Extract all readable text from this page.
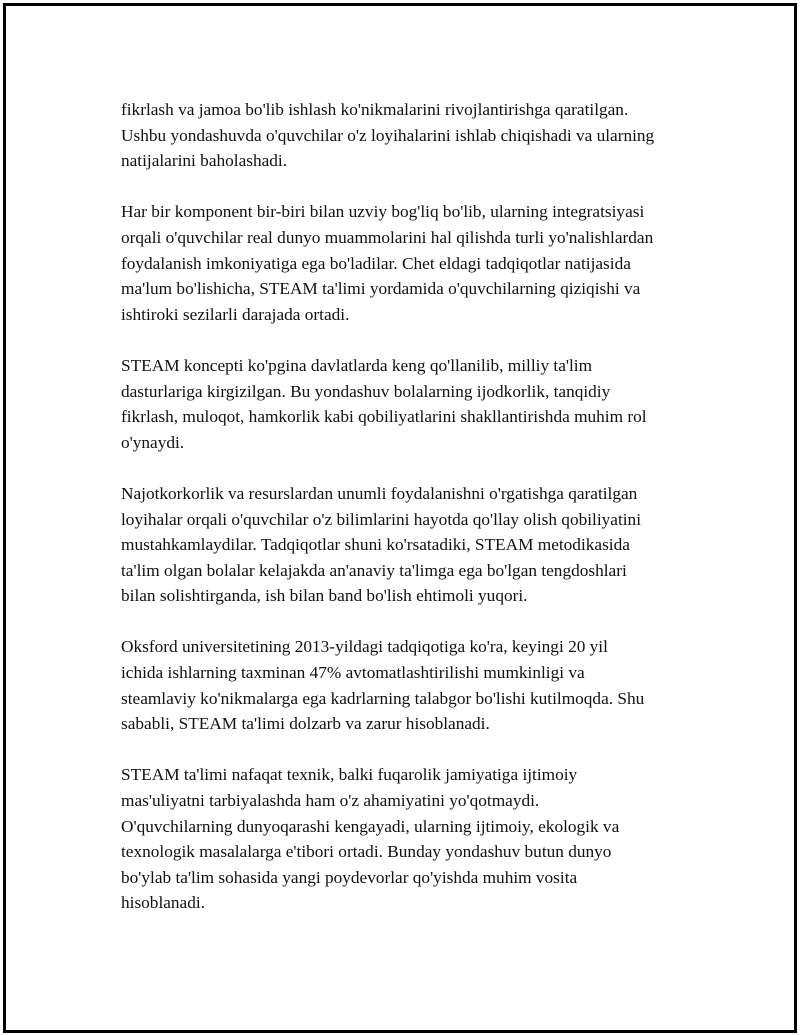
fikrlash va jamoa bo'lib ishlash ko'nikmalarini rivojlantirishga qaratilgan.
Ushbu yondashuvda o'quvchilar o'z loyihalarini ishlab chiqishadi va ularning
natijalarini baholashadi.

Har bir komponent bir-biri bilan uzviy bog'liq bo'lib, ularning integratsiyasi
orqali o'quvchilar real dunyo muammolarini hal qilishda turli yo'nalishlardan
foydalanish imkoniyatiga ega bo'ladilar. Chet eldagi tadqiqotlar natijasida
ma'lum bo'lishicha, STEAM ta'limi yordamida o'quvchilarning qiziqishi va
ishtiroki sezilarli darajada ortadi.

STEAM koncepti ko'pgina davlatlarda keng qo'llanilib, milliy ta'lim
dasturlariga kirgizilgan. Bu yondashuv bolalarning ijodkorlik, tanqidiy
fikrlash, muloqot, hamkorlik kabi qobiliyatlarini shakllantirishda muhim rol
o'ynaydi.

Najotkorkorlik va resurslardan unumli foydalanishni o'rgatishga qaratilgan
loyihalar orqali o'quvchilar o'z bilimlarini hayotda qo'llay olish qobiliyatini
mustahkamlaydilar. Tadqiqotlar shuni ko'rsatadiki, STEAM metodikasida
ta'lim olgan bolalar kelajakda an'anaviy ta'limga ega bo'lgan tengdoshlari
bilan solishtirganda, ish bilan band bo'lish ehtimoli yuqori.

Oksford universitetining 2013-yildagi tadqiqotiga ko'ra, keyingi 20 yil
ichida ishlarning taxminan 47% avtomatlashtirilishi mumkinligi va
steamlaviy ko'nikmalarga ega kadrlarning talabgor bo'lishi kutilmoqda. Shu
sababli, STEAM ta'limi dolzarb va zarur hisoblanadi.

STEAM ta'limi nafaqat texnik, balki fuqarolik jamiyatiga ijtimoiy
mas'uliyatni tarbiyalashda ham o'z ahamiyatini yo'qotmaydi.
O'quvchilarning dunyoqarashi kengayadi, ularning ijtimoiy, ekologik va
texnologik masalalarga e'tibori ortadi. Bunday yondashuv butun dunyo
bo'ylab ta'lim sohasida yangi poydevorlar qo'yishda muhim vosita
hisoblanadi.
